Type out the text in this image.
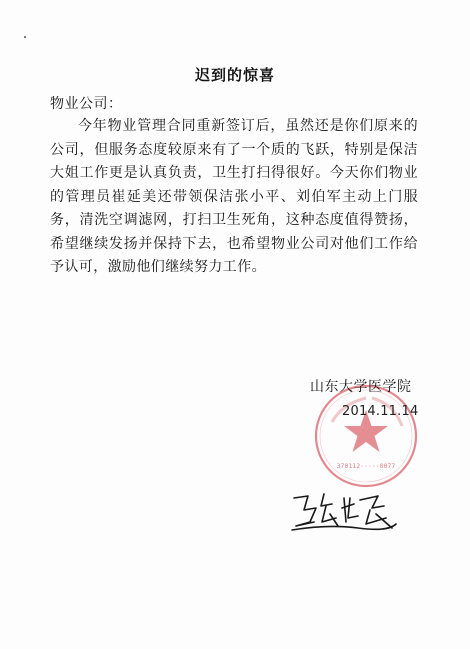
迟到的惊喜
物业公司：

今年物业管理合同重新签订后，虽然还是你们原来的公司，但服务态度较原来有了一个质的飞跃，特别是保洁大姐工作更是认真负责，卫生打扫得很好。今天你们物业的管理员崔延美还带领保洁张小平、刘伯军主动上门服务，清洗空调滤网，打扫卫生死角，这种态度值得赞扬，希望继续发扬并保持下去，也希望物业公司对他们工作给予认可，激励他们继续努力工作。

370112·····0077
山东大学医学院
2014.11.14
